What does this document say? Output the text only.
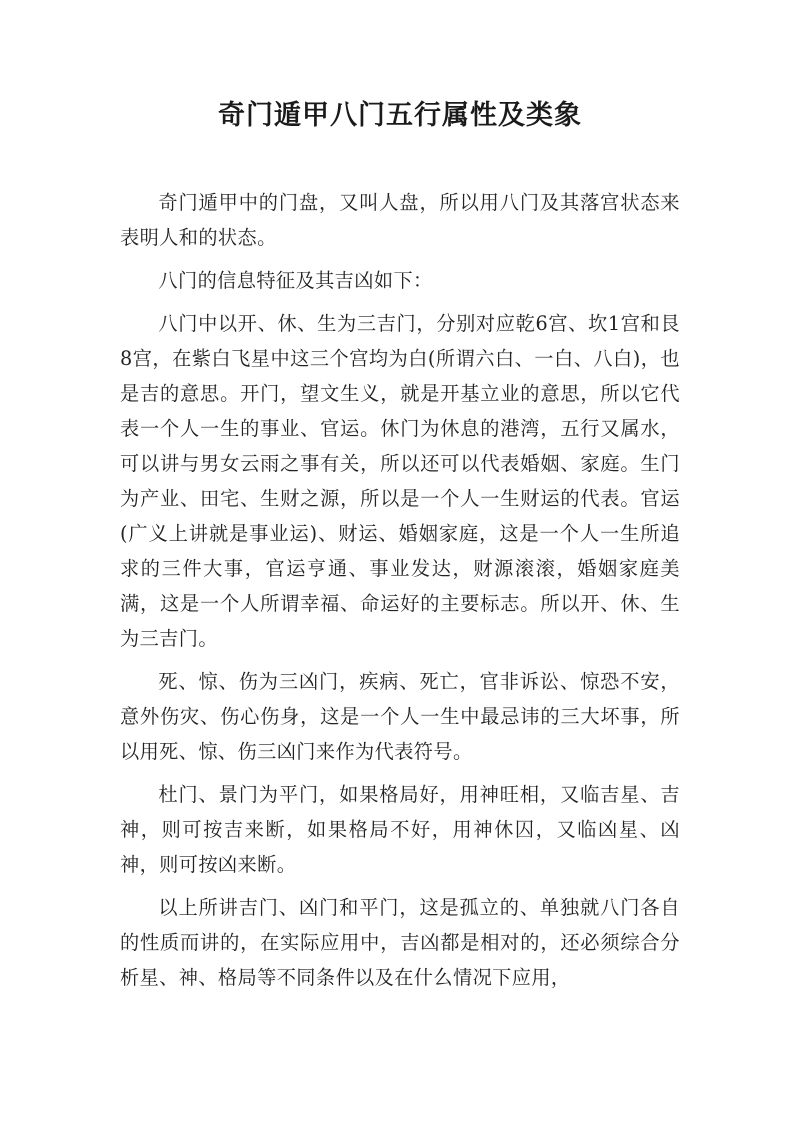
奇门遁甲八门五行属性及类象

奇门遁甲中的门盘，又叫人盘，所以用八门及其落宫状态来表明人和的状态。

八门的信息特征及其吉凶如下：

八门中以开、休、生为三吉门，分别对应乾6宫、坎1宫和艮8宫，在紫白飞星中这三个宫均为白(所谓六白、一白、八白)，也是吉的意思。开门，望文生义，就是开基立业的意思，所以它代表一个人一生的事业、官运。休门为休息的港湾，五行又属水，可以讲与男女云雨之事有关，所以还可以代表婚姻、家庭。生门为产业、田宅、生财之源，所以是一个人一生财运的代表。官运(广义上讲就是事业运)、财运、婚姻家庭，这是一个人一生所追求的三件大事，官运亨通、事业发达，财源滚滚，婚姻家庭美满，这是一个人所谓幸福、命运好的主要标志。所以开、休、生为三吉门。

死、惊、伤为三凶门，疾病、死亡，官非诉讼、惊恐不安，意外伤灾、伤心伤身，这是一个人一生中最忌讳的三大坏事，所以用死、惊、伤三凶门来作为代表符号。

杜门、景门为平门，如果格局好，用神旺相，又临吉星、吉神，则可按吉来断，如果格局不好，用神休囚，又临凶星、凶神，则可按凶来断。

以上所讲吉门、凶门和平门，这是孤立的、单独就八门各自的性质而讲的，在实际应用中，吉凶都是相对的，还必须综合分析星、神、格局等不同条件以及在什么情况下应用，
